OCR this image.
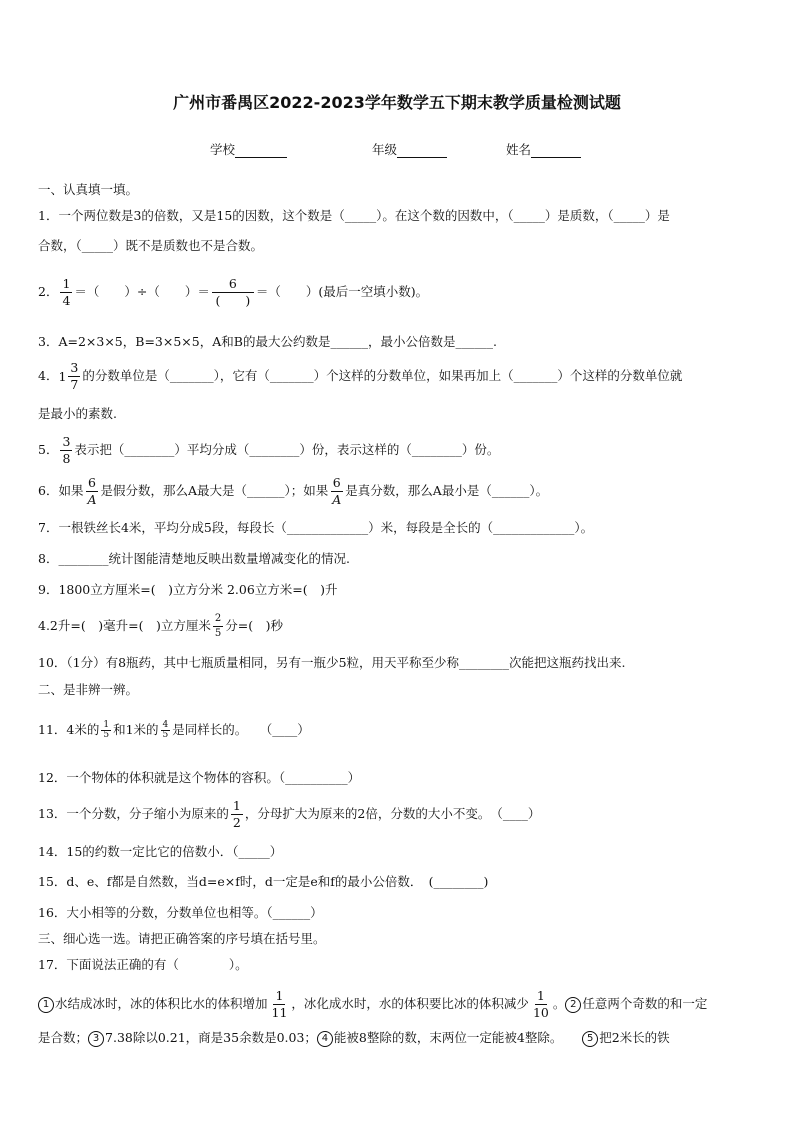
广州市番禺区2022-2023学年数学五下期末教学质量检测试题
学校	年级	姓名
一、认真填一填。
1．一个两位数是3的倍数，又是15的因数，这个数是（_____）。在这个数的因数中，（_____）是质数，（_____）是
合数，（_____）既不是质数也不是合数。
2． $\frac{1}{4}$ ＝（　　）÷（　　）＝ $\frac{6}{( )}$ ＝（　　）(最后一空填小数)。
3．A=2×3×5，B=3×5×5，A和B的最大公约数是______，最小公倍数是______.
4．$1 \frac{3}{7}$ 的分数单位是（_______），它有（_______）个这样的分数单位，如果再加上（_______）个这样的分数单位就
是最小的素数.
5． $\frac{3}{8}$ 表示把（________）平均分成（________）份，表示这样的（________）份。
6．如果 $\frac{6}{A}$ 是假分数，那么A最大是（______）；如果 $\frac{6}{A}$ 是真分数，那么A最小是（______）。
7．一根铁丝长4米，平均分成5段，每段长（_____________）米，每段是全长的（_____________）。
8．________统计图能清楚地反映出数量增减变化的情况.
9．1800立方厘米=(　)立方分米 2.06立方米=(　)升
4.2升=(　)毫升=(　)立方厘米 $\frac{2}{5}$ 分=(　)秒
10．（1分）有8瓶药，其中七瓶质量相同，另有一瓶少5粒，用天平称至少称________次能把这瓶药找出来.
二、是非辨一辨。
11．4米的 $\frac{1}{5}$ 和1米的 $\frac{4}{5}$ 是同样长的。　　（____）
12．一个物体的体积就是这个物体的容积。（__________）
13．一个分数，分子缩小为原来的 $\frac{1}{2}$ ，分母扩大为原来的2倍，分数的大小不变。　（____）
14．15的约数一定比它的倍数小．（_____）
15．d、e、f都是自然数，当d=e×f时，d一定是e和f的最小公倍数．　(________)
16．大小相等的分数，分数单位也相等。（______）
三、细心选一选。请把正确答案的序号填在括号里。
17．下面说法正确的有（　　　　）。
1 水结成冰时，冰的体积比水的体积增加 $\frac{1}{11}$ ，冰化成水时，水的体积要比冰的体积减少 $\frac{1}{10}$ 。 2 任意两个奇数的和一定
是合数； 3 7.38除以0.21，商是35余数是0.03； 4 能被8整除的数，末两位一定能被4整除。 5 把2米长的铁
